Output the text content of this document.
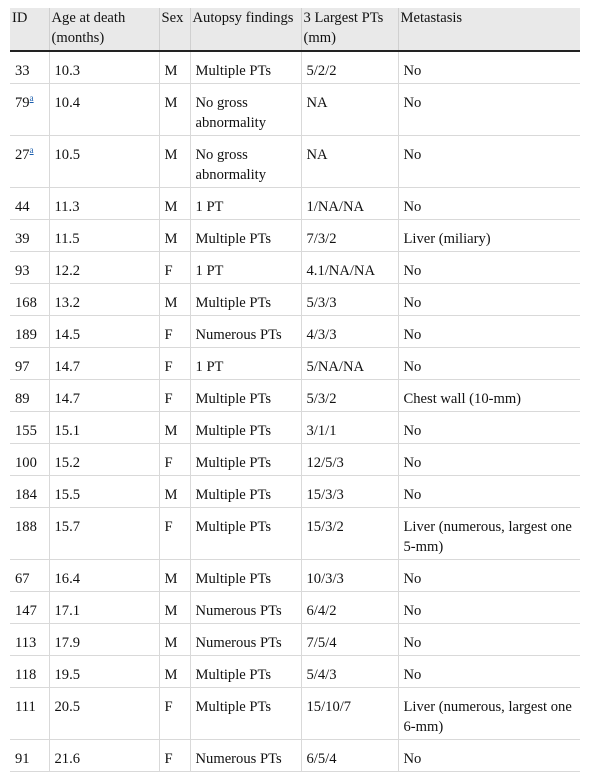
ID	Age at death (months)	Sex	Autopsy findings	3 Largest PTs (mm)	Metastasis
33	10.3	M	Multiple PTs	5/2/2	No
79$^a$	10.4	M	No gross abnormality	NA	No
27$^a$	10.5	M	No gross abnormality	NA	No
44	11.3	M	1 PT	1/NA/NA	No
39	11.5	M	Multiple PTs	7/3/2	Liver (miliary)
93	12.2	F	1 PT	4.1/NA/NA	No
168	13.2	M	Multiple PTs	5/3/3	No
189	14.5	F	Numerous PTs	4/3/3	No
97	14.7	F	1 PT	5/NA/NA	No
89	14.7	F	Multiple PTs	5/3/2	Chest wall (10-mm)
155	15.1	M	Multiple PTs	3/1/1	No
100	15.2	F	Multiple PTs	12/5/3	No
184	15.5	M	Multiple PTs	15/3/3	No
188	15.7	F	Multiple PTs	15/3/2	Liver (numerous, largest one 5-mm)
67	16.4	M	Multiple PTs	10/3/3	No
147	17.1	M	Numerous PTs	6/4/2	No
113	17.9	M	Numerous PTs	7/5/4	No
118	19.5	M	Multiple PTs	5/4/3	No
111	20.5	F	Multiple PTs	15/10/7	Liver (numerous, largest one 6-mm)
91	21.6	F	Numerous PTs	6/5/4	No
